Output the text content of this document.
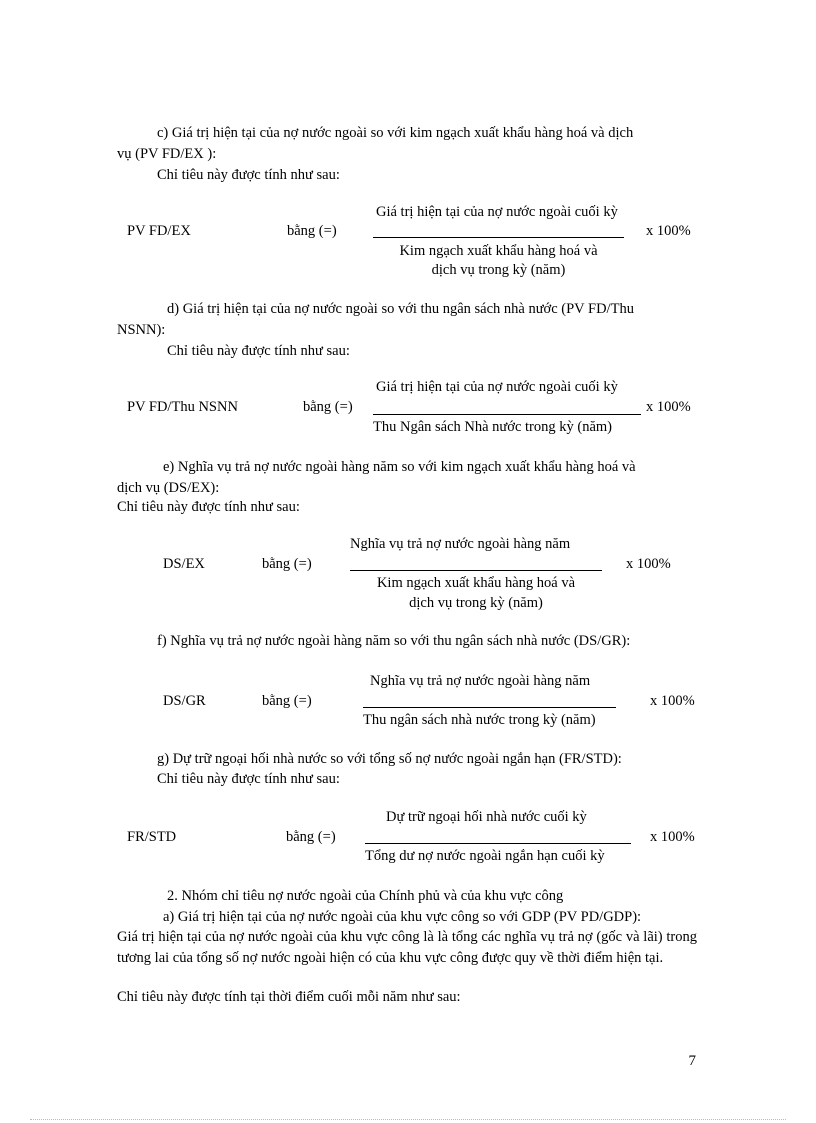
c) Giá trị hiện tại của nợ nước ngoài so với kim ngạch xuất khẩu hàng hoá và dịch
vụ (PV FD/EX ):
Chỉ tiêu này được tính như sau:
PV FD/EX	bằng (=)
Giá trị hiện tại của nợ nước ngoài cuối kỳ
Kim ngạch xuất khẩu hàng hoá và
dịch vụ trong kỳ (năm)
x 100%
d) Giá trị hiện tại của nợ nước ngoài so với thu ngân sách nhà nước (PV FD/Thu
NSNN):
Chỉ tiêu này được tính như sau:
PV FD/Thu NSNN	bằng (=)
Giá trị hiện tại của nợ nước ngoài cuối kỳ
Thu Ngân sách Nhà nước trong kỳ (năm)
x 100%
e) Nghĩa vụ trả nợ nước ngoài hàng năm so với kim ngạch xuất khẩu hàng hoá và
dịch vụ (DS/EX):
Chỉ tiêu này được tính như sau:
DS/EX	bằng (=)
Nghĩa vụ trả nợ nước ngoài hàng năm
Kim ngạch xuất khẩu hàng hoá và
dịch vụ trong kỳ (năm)
x 100%
f) Nghĩa vụ trả nợ nước ngoài hàng năm so với thu ngân sách nhà nước (DS/GR):
DS/GR	bằng (=)
Nghĩa vụ trả nợ nước ngoài hàng năm
Thu ngân sách nhà nước trong kỳ (năm)
x 100%
g) Dự trữ ngoại hối nhà nước so với tổng số nợ nước ngoài ngắn hạn (FR/STD):
Chỉ tiêu này được tính như sau:
FR/STD	bằng (=)
Dự trữ ngoại hối nhà nước cuối kỳ
Tổng dư nợ nước ngoài ngắn hạn cuối kỳ
x 100%
2. Nhóm chỉ tiêu nợ nước ngoài của Chính phủ và của khu vực công
a) Giá trị hiện tại của nợ nước ngoài của khu vực công so với GDP (PV PD/GDP):
Giá trị hiện tại của nợ nước ngoài của khu vực công là là tổng các nghĩa vụ trả nợ (gốc và lãi) trong tương lai của tổng số nợ nước ngoài hiện có của khu vực công được quy về thời điểm hiện tại.
Chỉ tiêu này được tính tại thời điểm cuối mỗi năm như sau:
7
